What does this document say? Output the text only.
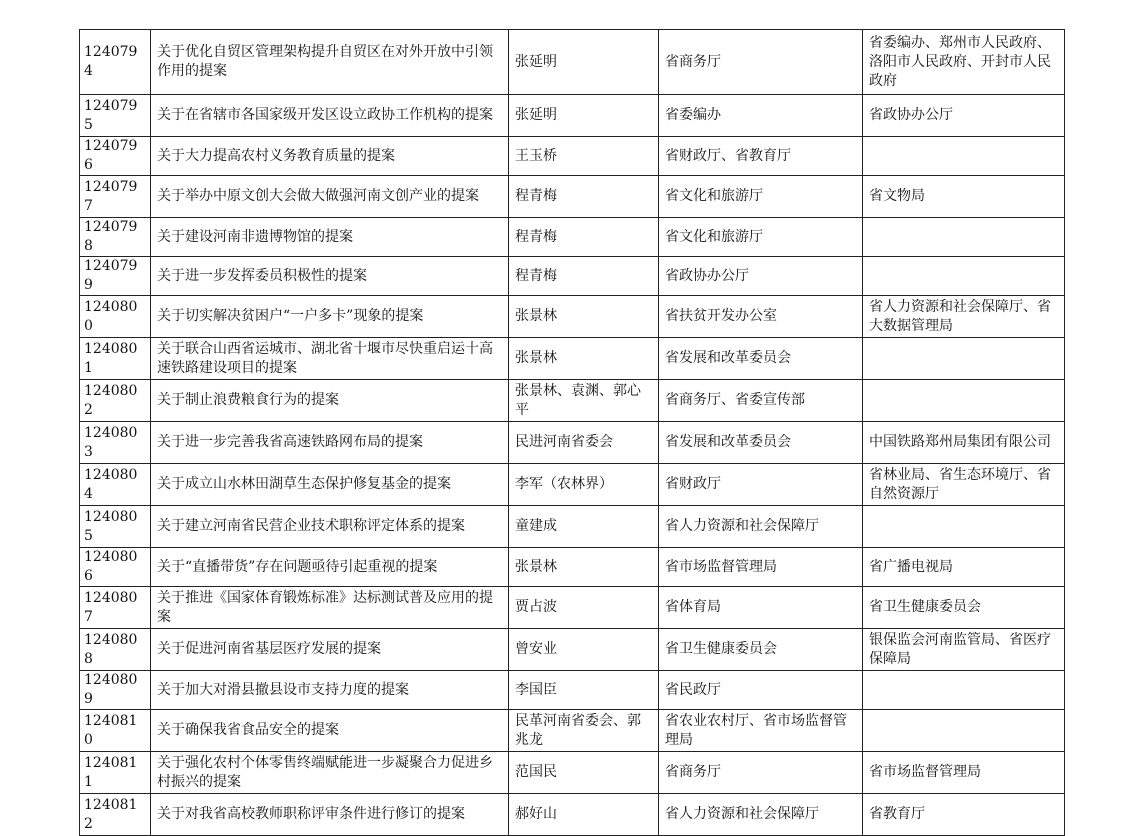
1240794	关于优化自贸区管理架构提升自贸区在对外开放中引领作用的提案	张延明	省商务厅	省委编办、郑州市人民政府、洛阳市人民政府、开封市人民政府
1240795	关于在省辖市各国家级开发区设立政协工作机构的提案	张延明	省委编办	省政协办公厅
1240796	关于大力提高农村义务教育质量的提案	王玉桥	省财政厅、省教育厅	
1240797	关于举办中原文创大会做大做强河南文创产业的提案	程青梅	省文化和旅游厅	省文物局
1240798	关于建设河南非遗博物馆的提案	程青梅	省文化和旅游厅	
1240799	关于进一步发挥委员积极性的提案	程青梅	省政协办公厅	
1240800	关于切实解决贫困户“一户多卡”现象的提案	张景林	省扶贫开发办公室	省人力资源和社会保障厅、省大数据管理局
1240801	关于联合山西省运城市、湖北省十堰市尽快重启运十高速铁路建设项目的提案	张景林	省发展和改革委员会	
1240802	关于制止浪费粮食行为的提案	张景林、袁渊、郭心平	省商务厅、省委宣传部	
1240803	关于进一步完善我省高速铁路网布局的提案	民进河南省委会	省发展和改革委员会	中国铁路郑州局集团有限公司
1240804	关于成立山水林田湖草生态保护修复基金的提案	李军（农林界）	省财政厅	省林业局、省生态环境厅、省自然资源厅
1240805	关于建立河南省民营企业技术职称评定体系的提案	童建成	省人力资源和社会保障厅	
1240806	关于“直播带货”存在问题亟待引起重视的提案	张景林	省市场监督管理局	省广播电视局
1240807	关于推进《国家体育锻炼标准》达标测试普及应用的提案	贾占波	省体育局	省卫生健康委员会
1240808	关于促进河南省基层医疗发展的提案	曾安业	省卫生健康委员会	银保监会河南监管局、省医疗保障局
1240809	关于加大对滑县撤县设市支持力度的提案	李国臣	省民政厅	
1240810	关于确保我省食品安全的提案	民革河南省委会、郭兆龙	省农业农村厅、省市场监督管理局	
1240811	关于强化农村个体零售终端赋能进一步凝聚合力促进乡村振兴的提案	范国民	省商务厅	省市场监督管理局
1240812	关于对我省高校教师职称评审条件进行修订的提案	郝好山	省人力资源和社会保障厅	省教育厅
